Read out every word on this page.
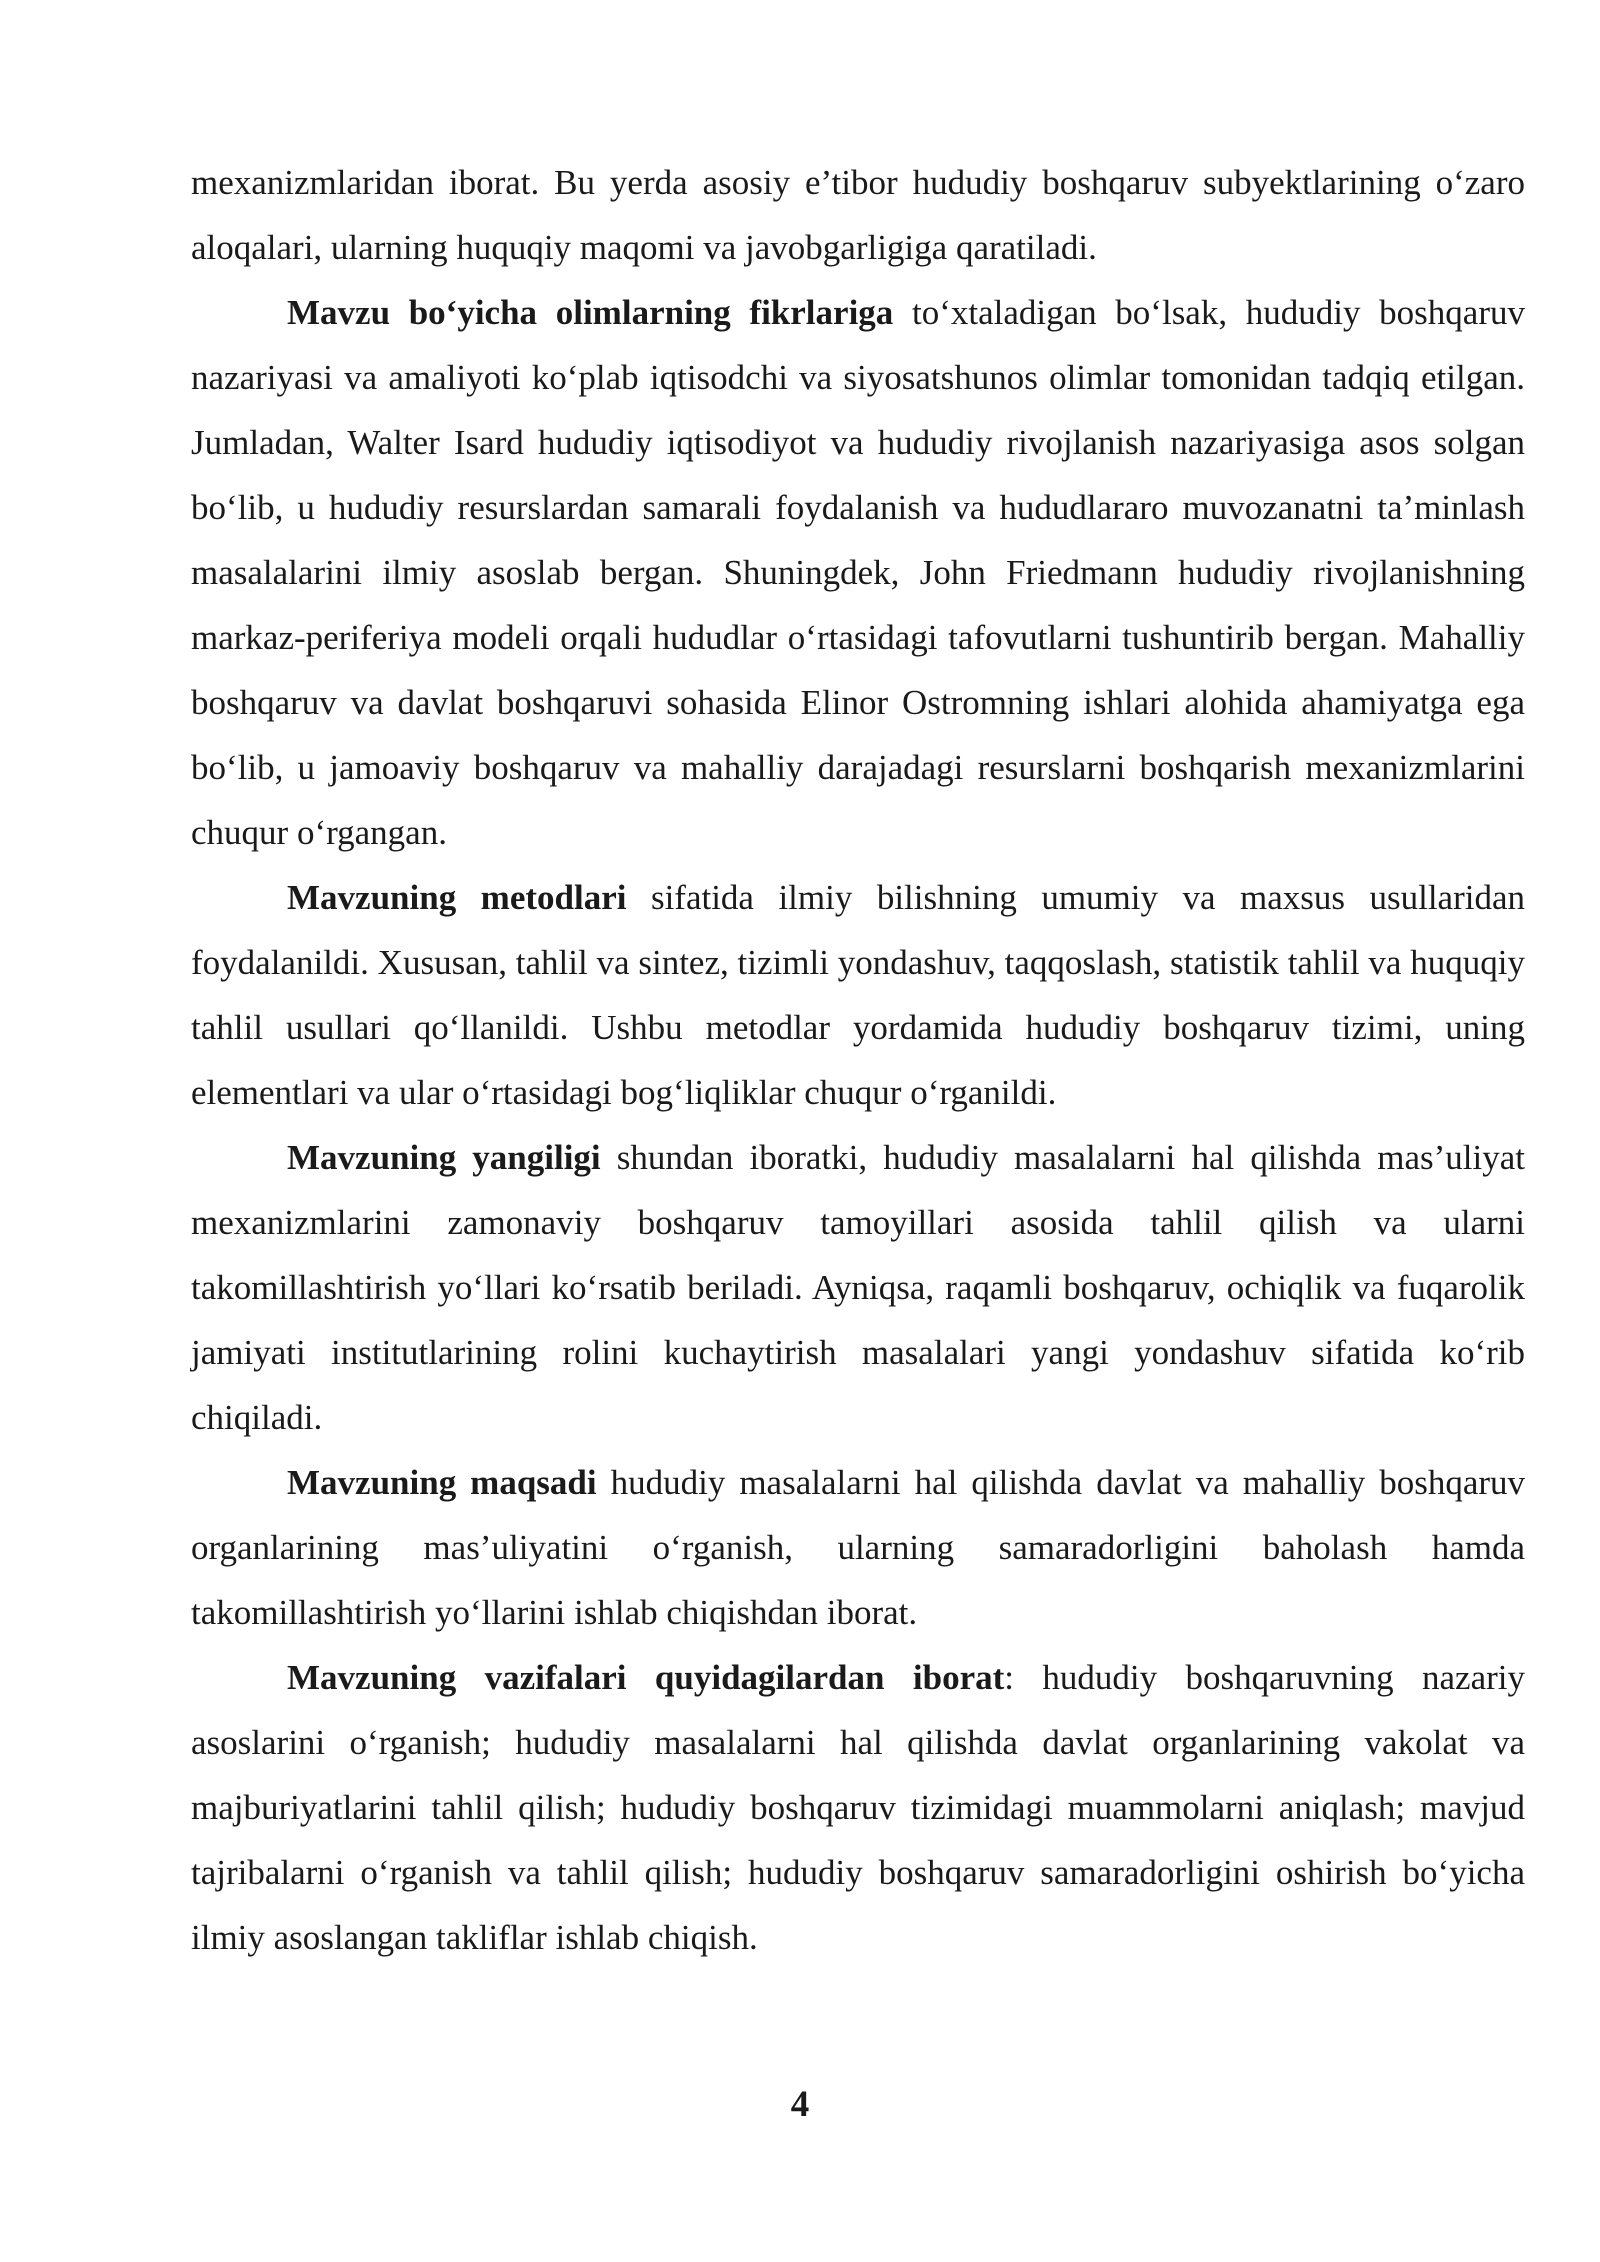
mexanizmlaridan iborat. Bu yerda asosiy e’tibor hududiy boshqaruv subyektlarining o‘zaro aloqalari, ularning huquqiy maqomi va javobgarligiga qaratiladi.

Mavzu bo‘yicha olimlarning fikrlariga to‘xtaladigan bo‘lsak, hududiy boshqaruv nazariyasi va amaliyoti ko‘plab iqtisodchi va siyosatshunos olimlar tomonidan tadqiq etilgan. Jumladan, Walter Isard hududiy iqtisodiyot va hududiy rivojlanish nazariyasiga asos solgan bo‘lib, u hududiy resurslardan samarali foydalanish va hududlararo muvozanatni ta’minlash masalalarini ilmiy asoslab bergan. Shuningdek, John Friedmann hududiy rivojlanishning markaz-periferiya modeli orqali hududlar o‘rtasidagi tafovutlarni tushuntirib bergan. Mahalliy boshqaruv va davlat boshqaruvi sohasida Elinor Ostromning ishlari alohida ahamiyatga ega bo‘lib, u jamoaviy boshqaruv va mahalliy darajadagi resurslarni boshqarish mexanizmlarini chuqur o‘rgangan.

Mavzuning metodlari sifatida ilmiy bilishning umumiy va maxsus usullaridan foydalanildi. Xususan, tahlil va sintez, tizimli yondashuv, taqqoslash, statistik tahlil va huquqiy tahlil usullari qo‘llanildi. Ushbu metodlar yordamida hududiy boshqaruv tizimi, uning elementlari va ular o‘rtasidagi bog‘liqliklar chuqur o‘rganildi.

Mavzuning yangiligi shundan iboratki, hududiy masalalarni hal qilishda mas’uliyat mexanizmlarini zamonaviy boshqaruv tamoyillari asosida tahlil qilish va ularni takomillashtirish yo‘llari ko‘rsatib beriladi. Ayniqsa, raqamli boshqaruv, ochiqlik va fuqarolik jamiyati institutlarining rolini kuchaytirish masalalari yangi yondashuv sifatida ko‘rib chiqiladi.

Mavzuning maqsadi hududiy masalalarni hal qilishda davlat va mahalliy boshqaruv organlarining mas’uliyatini o‘rganish, ularning samaradorligini baholash hamda takomillashtirish yo‘llarini ishlab chiqishdan iborat.

Mavzuning vazifalari quyidagilardan iborat: hududiy boshqaruvning nazariy asoslarini o‘rganish; hududiy masalalarni hal qilishda davlat organlarining vakolat va majburiyatlarini tahlil qilish; hududiy boshqaruv tizimidagi muammolarni aniqlash; mavjud tajribalarni o‘rganish va tahlil qilish; hududiy boshqaruv samaradorligini oshirish bo‘yicha ilmiy asoslangan takliflar ishlab chiqish.

4
